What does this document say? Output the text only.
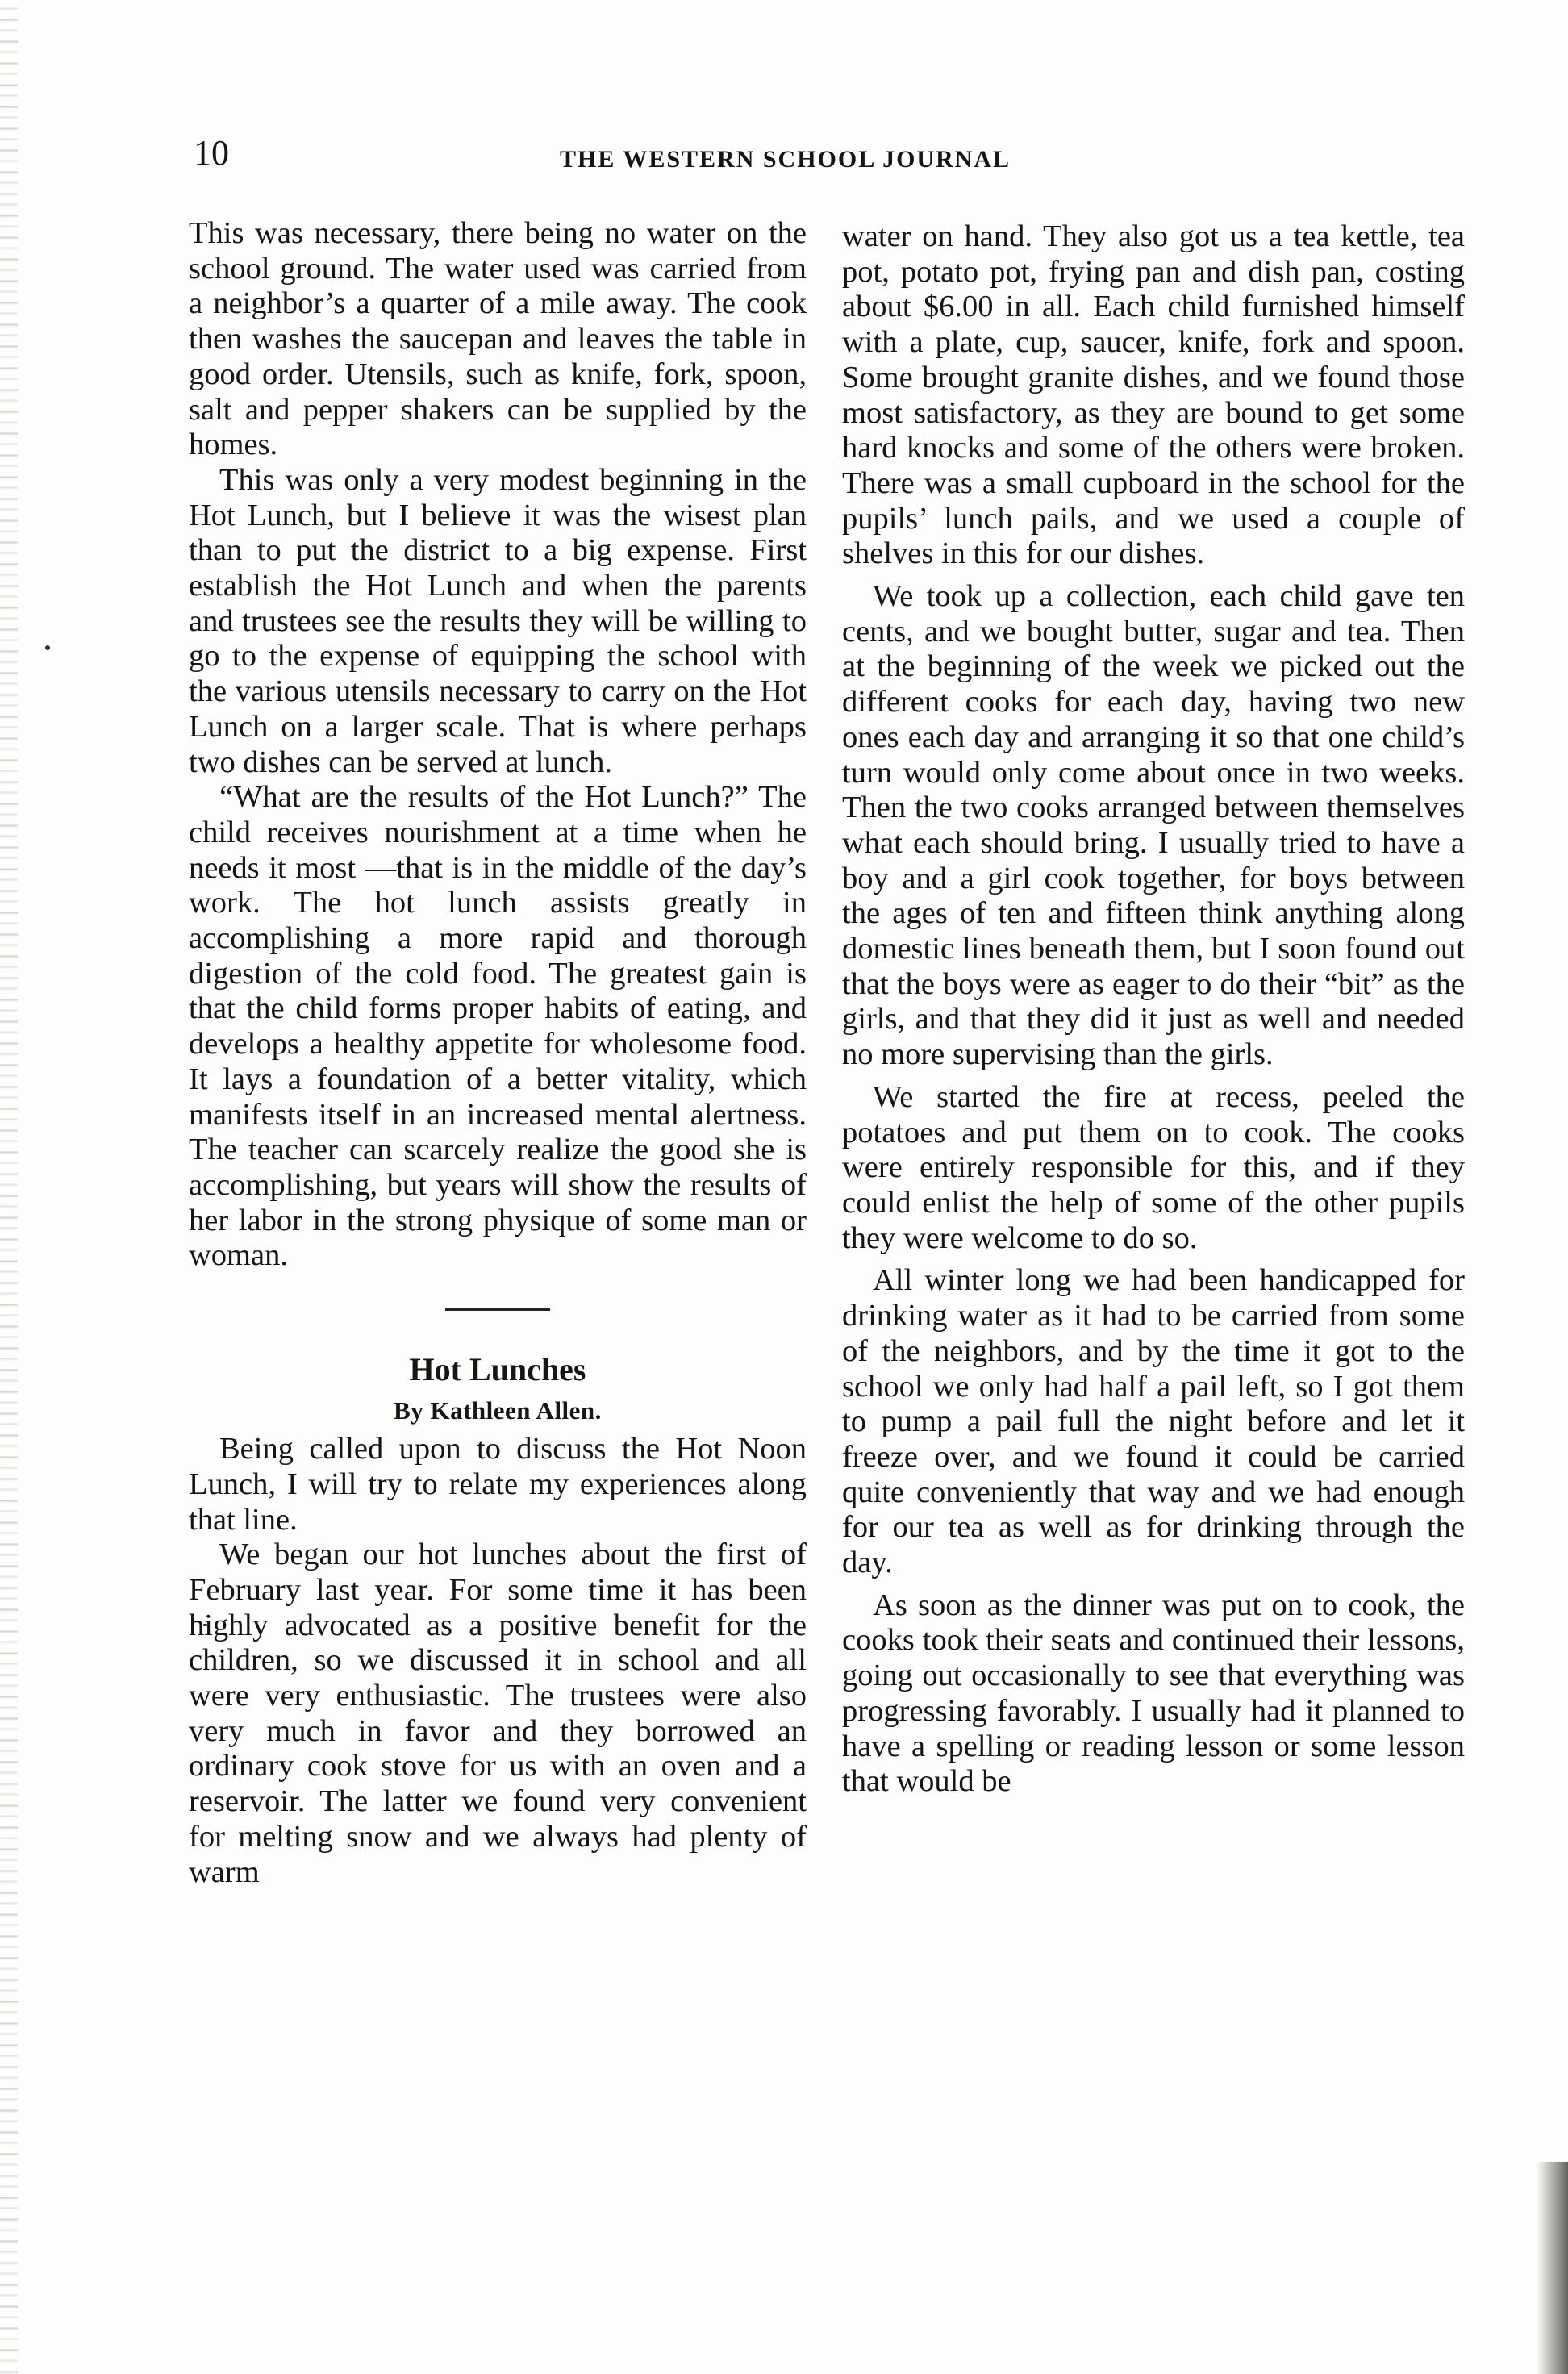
10	THE WESTERN SCHOOL JOURNAL

This was necessary, there being no water on the school ground. The water used was carried from a neighbor’s a quarter of a mile away. The cook then washes the saucepan and leaves the table in good order. Utensils, such as knife, fork, spoon, salt and pepper shakers can be supplied by the homes.

This was only a very modest beginning in the Hot Lunch, but I believe it was the wisest plan than to put the district to a big expense. First establish the Hot Lunch and when the parents and trustees see the results they will be willing to go to the expense of equipping the school with the various utensils necessary to carry on the Hot Lunch on a larger scale. That is where perhaps two dishes can be served at lunch.

“What are the results of the Hot Lunch?” The child receives nourishment at a time when he needs it most —that is in the middle of the day’s work. The hot lunch assists greatly in accomplishing a more rapid and thorough digestion of the cold food. The greatest gain is that the child forms proper habits of eating, and develops a healthy appetite for wholesome food. It lays a foundation of a better vitality, which manifests itself in an increased mental alertness. The teacher can scarcely realize the good she is accomplishing, but years will show the results of her labor in the strong physique of some man or woman.

Hot Lunches
By Kathleen Allen.

Being called upon to discuss the Hot Noon Lunch, I will try to relate my experiences along that line.

We began our hot lunches about the first of February last year. For some time it has been highly advocated as a positive benefit for the children, so we discussed it in school and all were very enthusiastic. The trustees were also very much in favor and they borrowed an ordinary cook stove for us with an oven and a reservoir. The latter we found very convenient for melting snow and we always had plenty of warm

water on hand. They also got us a tea kettle, tea pot, potato pot, frying pan and dish pan, costing about $6.00 in all. Each child furnished himself with a plate, cup, saucer, knife, fork and spoon. Some brought granite dishes, and we found those most satisfactory, as they are bound to get some hard knocks and some of the others were broken. There was a small cupboard in the school for the pupils’ lunch pails, and we used a couple of shelves in this for our dishes.

We took up a collection, each child gave ten cents, and we bought butter, sugar and tea. Then at the beginning of the week we picked out the different cooks for each day, having two new ones each day and arranging it so that one child’s turn would only come about once in two weeks. Then the two cooks arranged between themselves what each should bring. I usually tried to have a boy and a girl cook together, for boys between the ages of ten and fifteen think anything along domestic lines beneath them, but I soon found out that the boys were as eager to do their “bit” as the girls, and that they did it just as well and needed no more supervising than the girls.

We started the fire at recess, peeled the potatoes and put them on to cook. The cooks were entirely responsible for this, and if they could enlist the help of some of the other pupils they were welcome to do so.

All winter long we had been handicapped for drinking water as it had to be carried from some of the neighbors, and by the time it got to the school we only had half a pail left, so I got them to pump a pail full the night before and let it freeze over, and we found it could be carried quite conveniently that way and we had enough for our tea as well as for drinking through the day.

As soon as the dinner was put on to cook, the cooks took their seats and continued their lessons, going out occasionally to see that everything was progressing favorably. I usually had it planned to have a spelling or reading lesson or some lesson that would be
